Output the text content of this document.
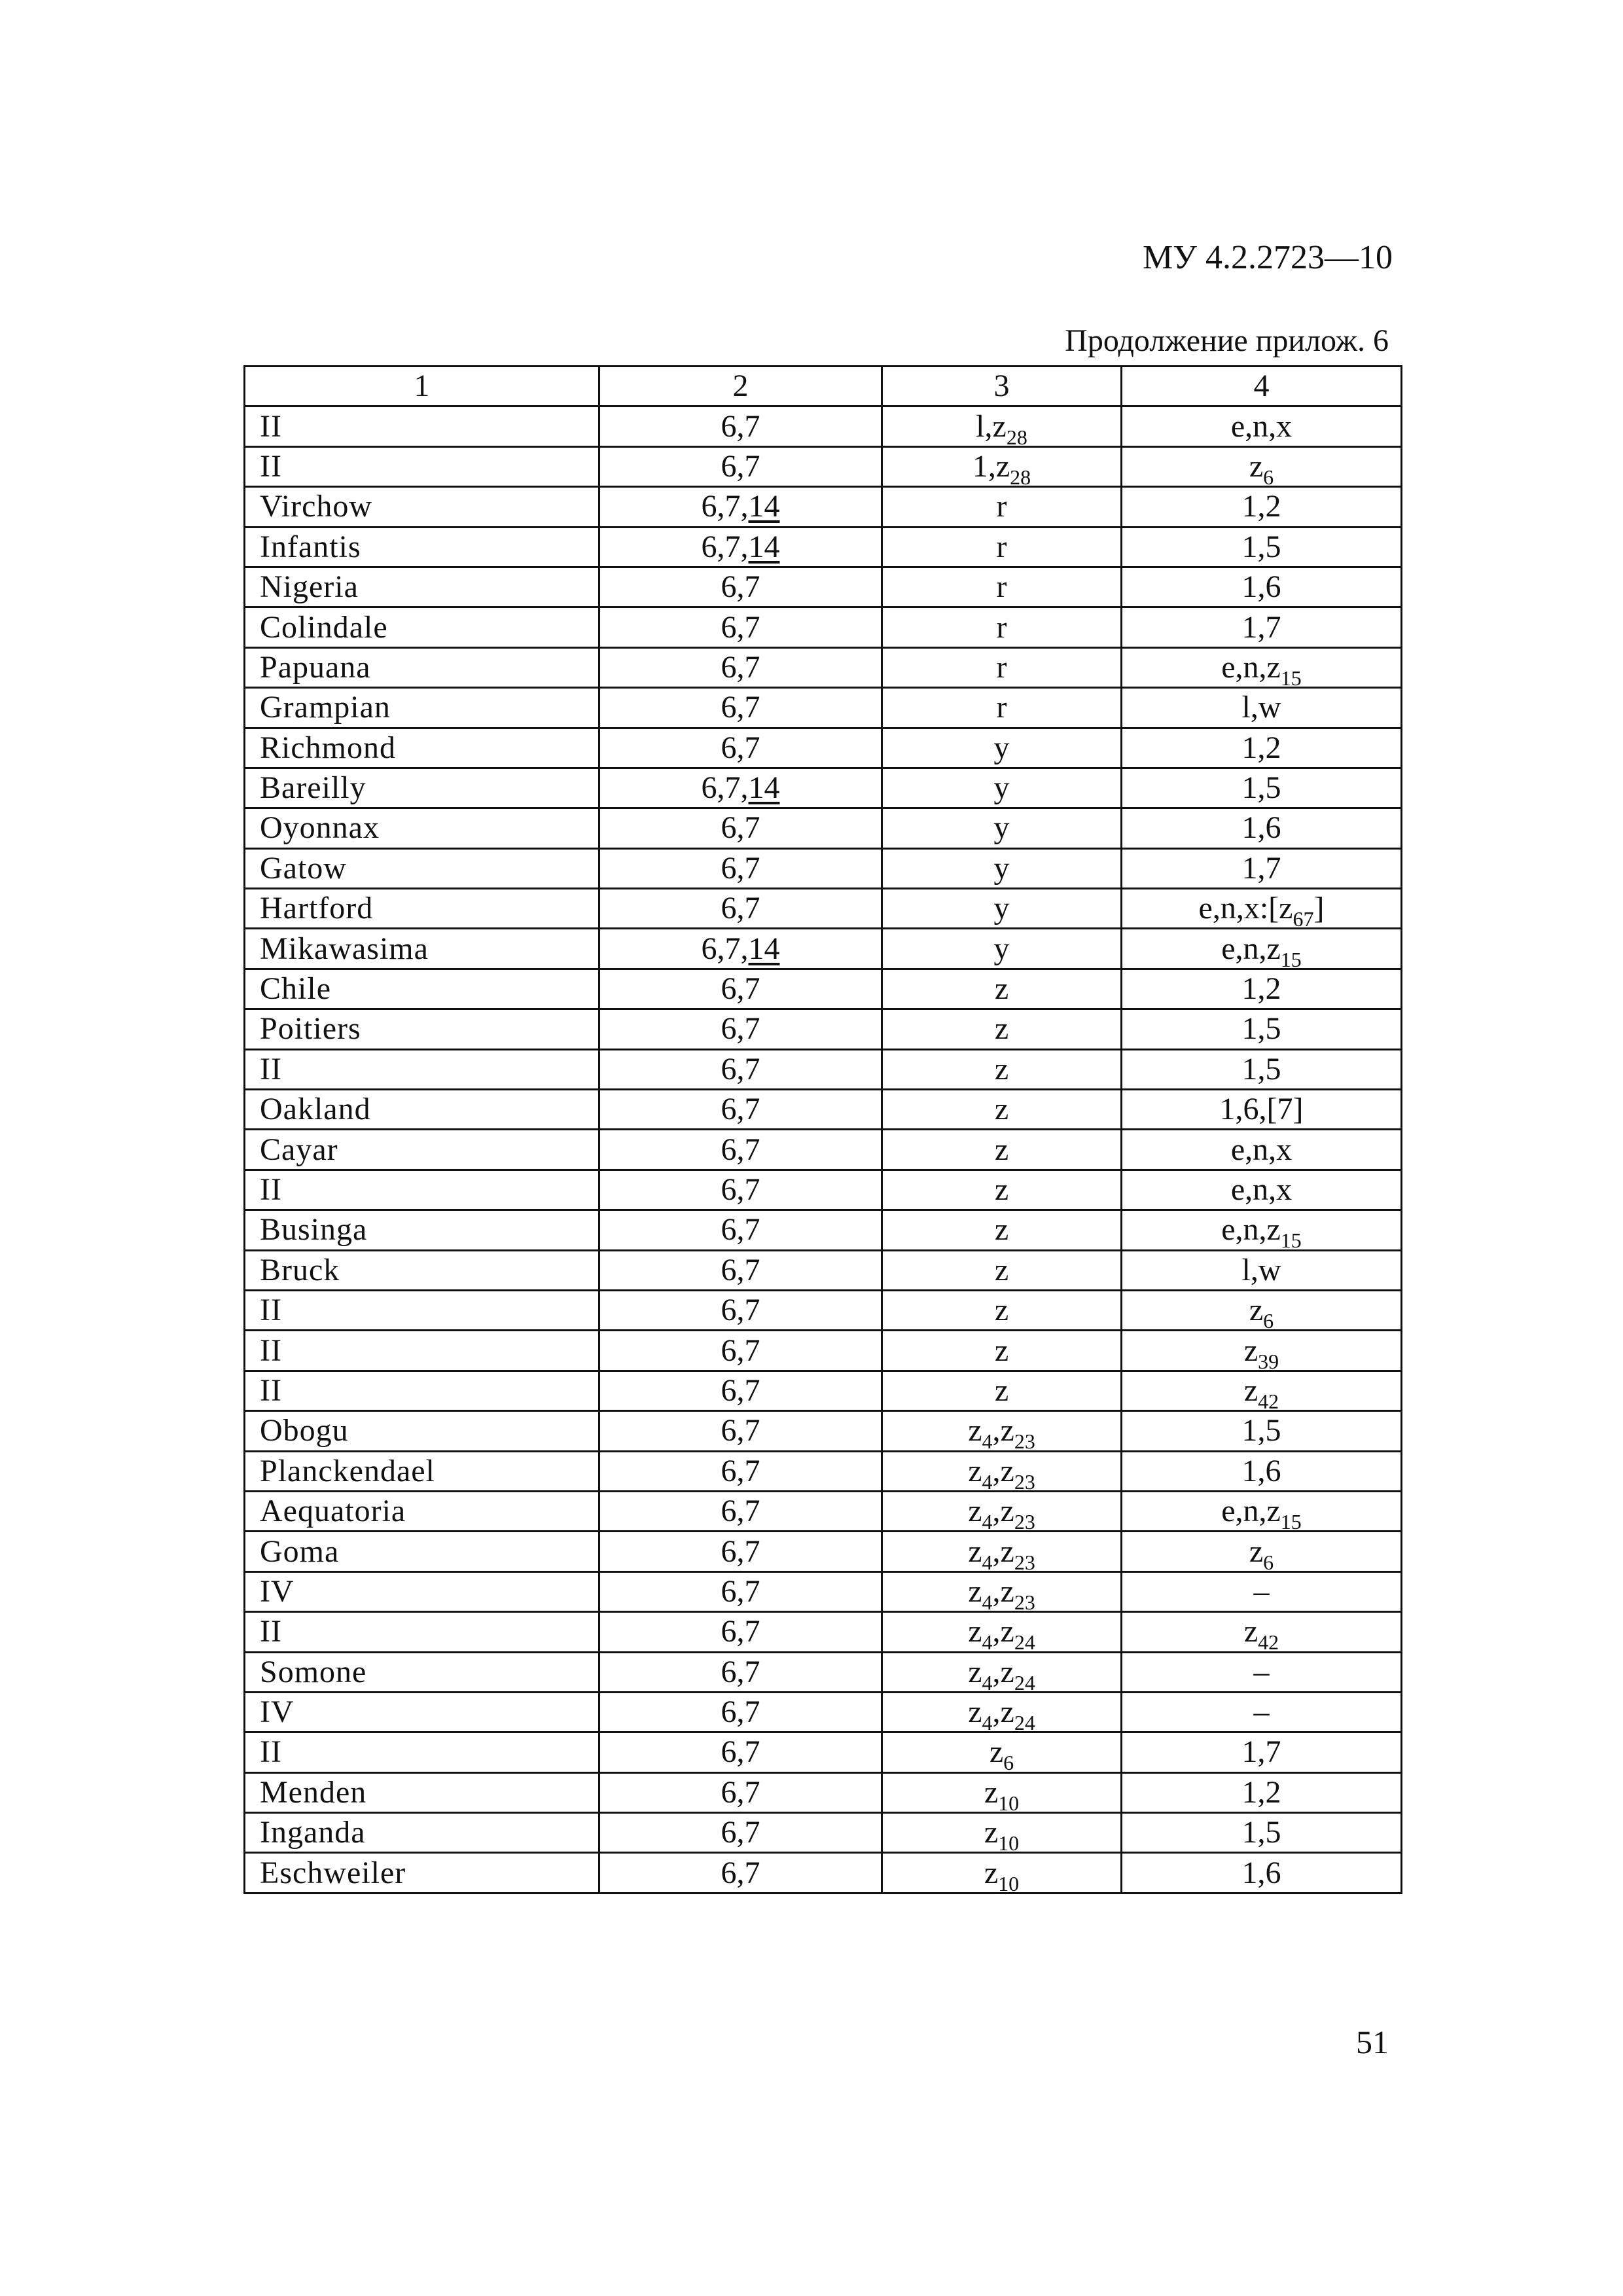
МУ 4.2.2723—10
Продолжение прилож. 6
1	2	3	4
II	6,7	$l,z_{28}$	e,n,x
II	6,7	$1,z_{28}$	$z_6$
Virchow	6,7,14	r	1,2
Infantis	6,7,14	r	1,5
Nigeria	6,7	r	1,6
Colindale	6,7	r	1,7
Papuana	6,7	r	$e,n,z_{15}$
Grampian	6,7	r	l,w
Richmond	6,7	y	1,2
Bareilly	6,7,14	y	1,5
Oyonnax	6,7	y	1,6
Gatow	6,7	y	1,7
Hartford	6,7	y	$e,n,x:[z_{67}]$
Mikawasima	6,7,14	y	$e,n,z_{15}$
Chile	6,7	z	1,2
Poitiers	6,7	z	1,5
II	6,7	z	1,5
Oakland	6,7	z	1,6,[7]
Cayar	6,7	z	e,n,x
II	6,7	z	e,n,x
Businga	6,7	z	$e,n,z_{15}$
Bruck	6,7	z	l,w
II	6,7	z	$z_6$
II	6,7	z	$z_{39}$
II	6,7	z	$z_{42}$
Obogu	6,7	$z_4,z_{23}$	1,5
Planckendael	6,7	$z_4,z_{23}$	1,6
Aequatoria	6,7	$z_4,z_{23}$	$e,n,z_{15}$
Goma	6,7	$z_4,z_{23}$	$z_6$
IV	6,7	$z_4,z_{23}$	–
II	6,7	$z_4,z_{24}$	$z_{42}$
Somone	6,7	$z_4,z_{24}$	–
IV	6,7	$z_4,z_{24}$	–
II	6,7	$z_6$	1,7
Menden	6,7	$z_{10}$	1,2
Inganda	6,7	$z_{10}$	1,5
Eschweiler	6,7	$z_{10}$	1,6
51
